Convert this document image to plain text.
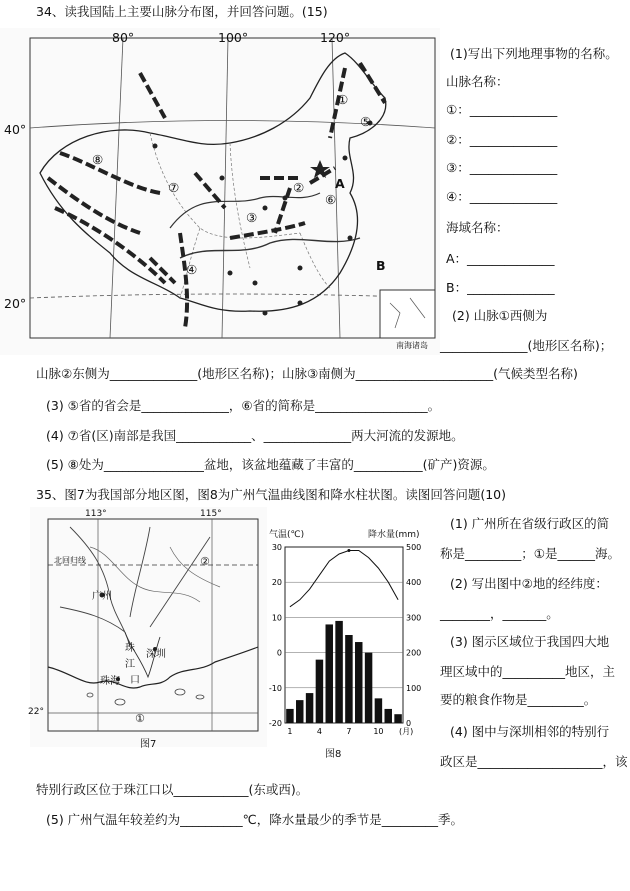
34、读我国陆上主要山脉分布图，并回答问题。(15)
80°	100°	120°
40°
20°
①
②
③
④
⑤
⑥
⑦
⑧
A
B
南海诸岛
(1)写出下列地理事物的名称。
山脉名称：
①：______________
②：______________
③：______________
④：______________
海域名称：
A：______________
B：______________
(2) 山脉①西侧为
______________(地形区名称)；
山脉②东侧为______________(地形区名称)；山脉③南侧为______________________(气候类型名称)
(3) ⑤省的省会是______________，⑥省的简称是__________________。
(4) ⑦省(区)南部是我国____________、______________两大河流的发源地。
(5) ⑧处为________________盆地，该盆地蕴藏了丰富的___________(矿产)资源。
35、图7为我国部分地区图，图8为广州气温曲线图和降水柱状图。读图回答问题(10)
113°	115°
22°
北回归线
广州
深圳
珠海
珠
江
口
①
②
图7
30
20
10
0
-10
-20
500
400
300
200
100
0
1	4	7	10 (月)
气温(℃)	降水量(mm)
图8
(1) 广州所在省级行政区的简
称是_________；①是______海。
(2) 写出图中②地的经纬度：
________，_______。
(3) 图示区域位于我国四大地
理区域中的__________地区，主
要的粮食作物是_________。
(4) 图中与深圳相邻的特别行
政区是____________________，该
特别行政区位于珠江口以____________(东或西)。
(5) 广州气温年较差约为__________℃，降水量最少的季节是_________季。
